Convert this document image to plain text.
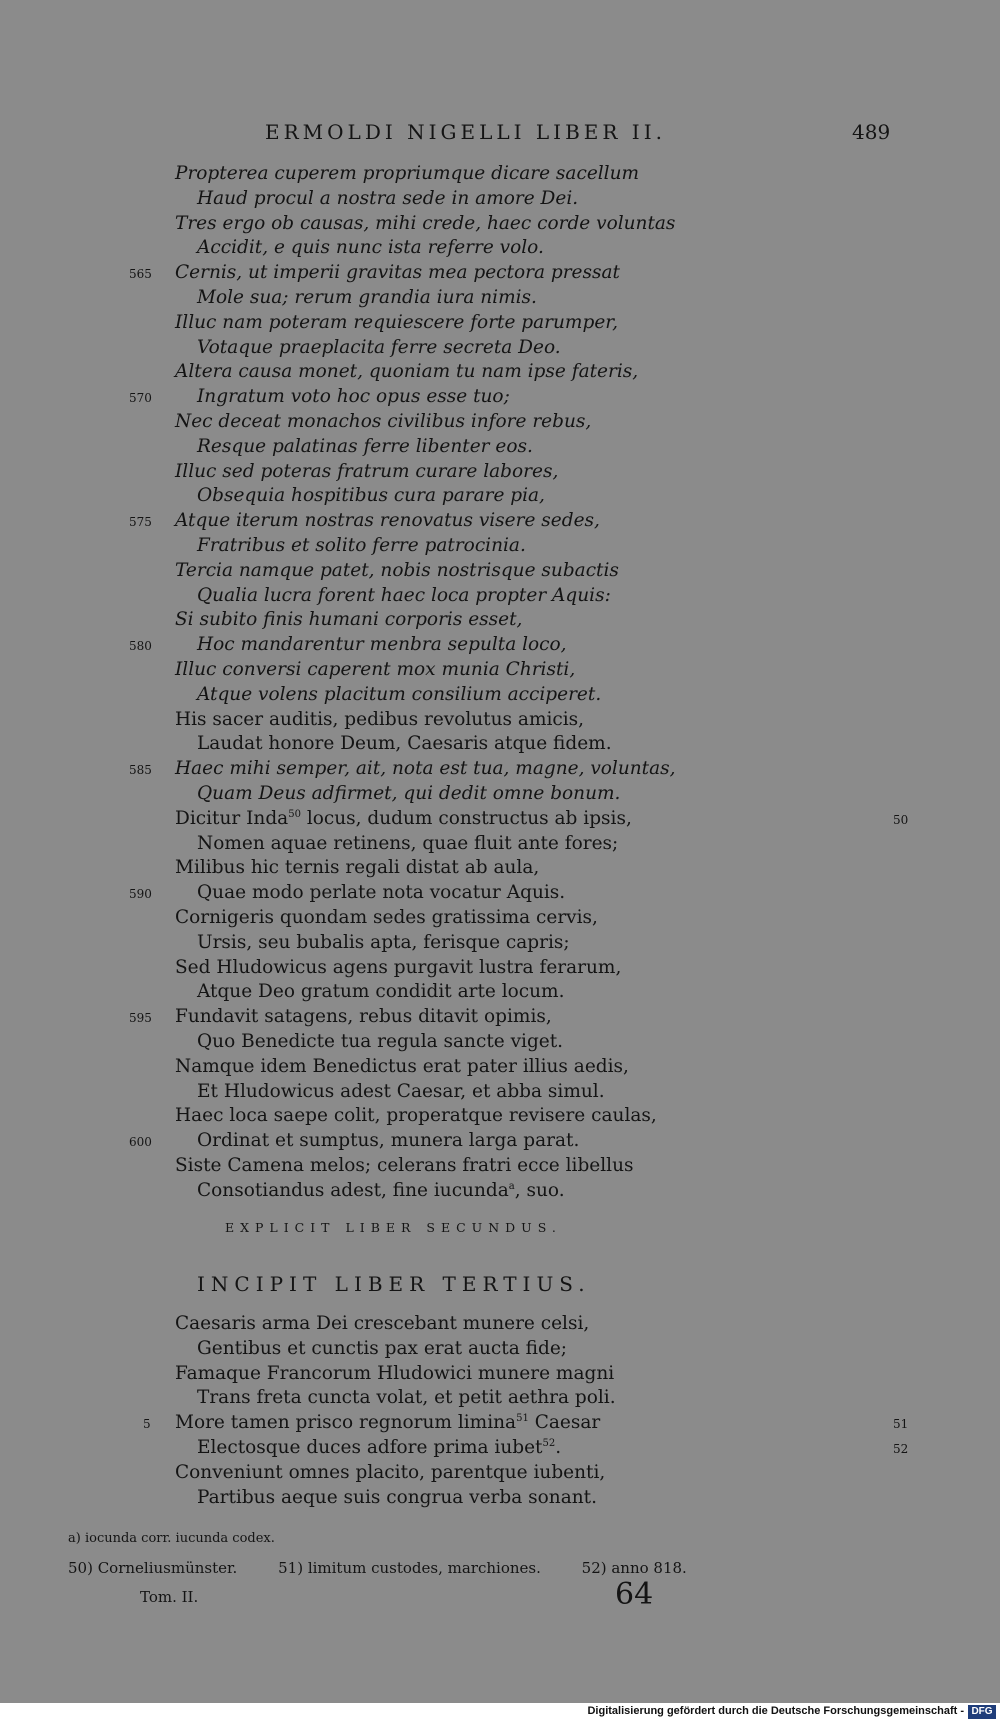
ERMOLDI NIGELLI LIBER II.	489
Propterea cuperem propriumque dicare sacellum
Haud procul a nostra sede in amore Dei.
Tres ergo ob causas, mihi crede, haec corde voluntas
Accidit, e quis nunc ista referre volo.
Cernis, ut imperii gravitas mea pectora pressat
565
Mole sua; rerum grandia iura nimis.
Illuc nam poteram requiescere forte parumper,
Votaque praeplacita ferre secreta Deo.
Altera causa monet, quoniam tu nam ipse fateris,
Ingratum voto hoc opus esse tuo;
570
Nec deceat monachos civilibus infore rebus,
Resque palatinas ferre libenter eos.
Illuc sed poteras fratrum curare labores,
Obsequia hospitibus cura parare pia,
Atque iterum nostras renovatus visere sedes,
575
Fratribus et solito ferre patrocinia.
Tercia namque patet, nobis nostrisque subactis
Qualia lucra forent haec loca propter Aquis:
Si subito finis humani corporis esset,
Hoc mandarentur menbra sepulta loco,
580
Illuc conversi caperent mox munia Christi,
Atque volens placitum consilium acciperet.
His sacer auditis, pedibus revolutus amicis,
Laudat honore Deum, Caesaris atque fidem.
Haec mihi semper, ait, nota est tua, magne, voluntas,
585
Quam Deus adfirmet, qui dedit omne bonum.
Dicitur Inda$^{50}$ locus, dudum constructus ab ipsis,	50
Nomen aquae retinens, quae fluit ante fores;
Milibus hic ternis regali distat ab aula,
Quae modo perlate nota vocatur Aquis.
590
Cornigeris quondam sedes gratissima cervis,
Ursis, seu bubalis apta, ferisque capris;
Sed Hludowicus agens purgavit lustra ferarum,
Atque Deo gratum condidit arte locum.
Fundavit satagens, rebus ditavit opimis,
595
Quo Benedicte tua regula sancte viget.
Namque idem Benedictus erat pater illius aedis,
Et Hludowicus adest Caesar, et abba simul.
Haec loca saepe colit, properatque revisere caulas,
Ordinat et sumptus, munera larga parat.
600
Siste Camena melos; celerans fratri ecce libellus
Consotiandus adest, fine iucunda$^a$, suo.
EXPLICIT LIBER SECUNDUS.
INCIPIT LIBER TERTIUS.
Caesaris arma Dei crescebant munere celsi,
Gentibus et cunctis pax erat aucta fide;
Famaque Francorum Hludowici munere magni
Trans freta cuncta volat, et petit aethra poli.
More tamen prisco regnorum limina$^{51}$ Caesar
5	51
Electosque duces adfore prima iubet$^{52}$.	52
Conveniunt omnes placito, parentque iubenti,
Partibus aeque suis congrua verba sonant.
a) iocunda corr. iucunda codex.
50) Corneliusmünster.	51) limitum custodes, marchiones.	52) anno 818.
Tom. II.	64
Digitalisierung gefördert durch die Deutsche Forschungsgemeinschaft - DFG
